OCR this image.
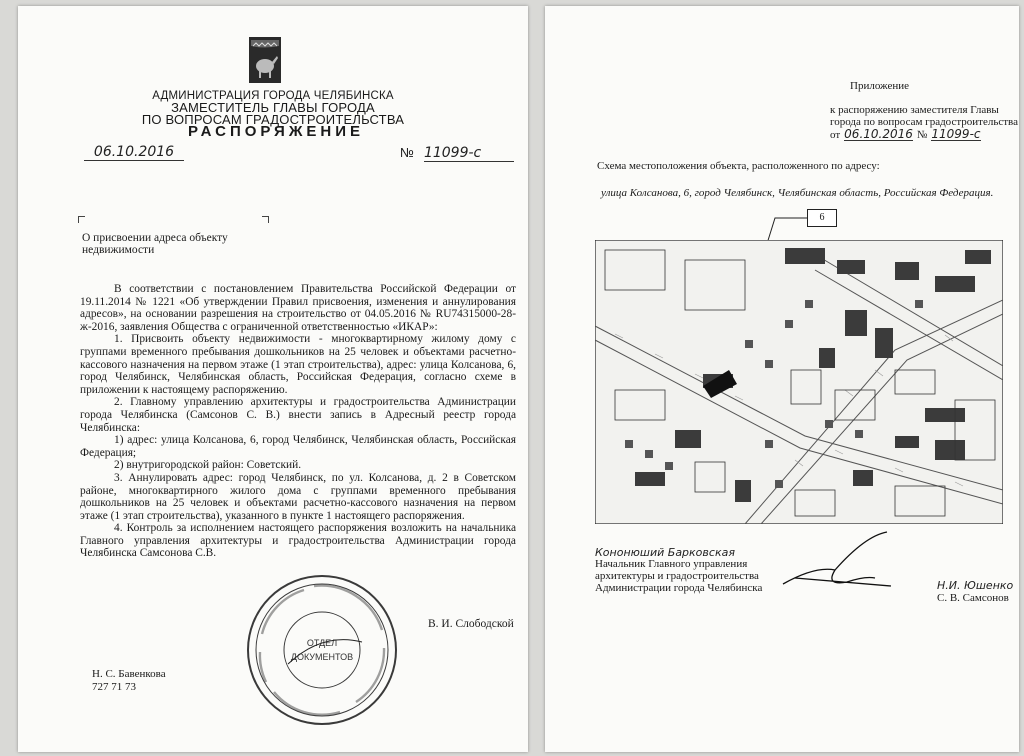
АДМИНИСТРАЦИЯ ГОРОДА ЧЕЛЯБИНСКА
ЗАМЕСТИТЕЛЬ ГЛАВЫ ГОРОДА
ПО ВОПРОСАМ ГРАДОСТРОИТЕЛЬСТВА
РАСПОРЯЖЕНИЕ
06.10.2016	№ 11099-с
О присвоении адреса объекту
недвижимости

В соответствии с постановлением Правительства Российской Федерации от 19.11.2014 № 1221 «Об утверждении Правил присвоения, изменения и аннулирования адресов», на основании разрешения на строительство от 04.05.2016 № RU74315000-28-ж-2016, заявления Общества с ограниченной ответственностью «ИКАР»:

1. Присвоить объекту недвижимости - многоквартирному жилому дому с группами временного пребывания дошкольников на 25 человек и объектами расчетно-кассового назначения на первом этаже (1 этап строительства), адрес: улица Колсанова, 6, город Челябинск, Челябинская область, Российская Федерация, согласно схеме в приложении к настоящему распоряжению.

2. Главному управлению архитектуры и градостроительства Администрации города Челябинска (Самсонов С. В.) внести запись в Адресный реестр города Челябинска:

1) адрес: улица Колсанова, 6, город Челябинск, Челябинская область, Российская Федерация;

2) внутригородской район: Советский.

3. Аннулировать адрес: город Челябинск, по ул. Колсанова, д. 2 в Советском районе, многоквартирного жилого дома с группами временного пребывания дошкольников на 25 человек и объектами расчетно-кассового назначения на первом этаже (1 этап строительства), указанного в пункте 1 настоящего распоряжения.

4. Контроль за исполнением настоящего распоряжения возложить на начальника Главного управления архитектуры и градостроительства Администрации города Челябинска Самсонова С.В.

ОТДЕЛ
ДОКУМЕНТОВ
В. И. Слободской
Н. С. Бавенкова
727 71 73
Приложение
к распоряжению заместителя Главы
города по вопросам градостроительства
от 06.10.2016 № 11099-с
Схема местоположения объекта, расположенного по адресу:
улица Колсанова, 6, город Челябинск, Челябинская область, Российская Федерация.
6
Кононюший Барковская
Начальник Главного управления
архитектуры и градостроительства
Администрации города Челябинска	Н.И. Юшенко
С. В. Самсонов
